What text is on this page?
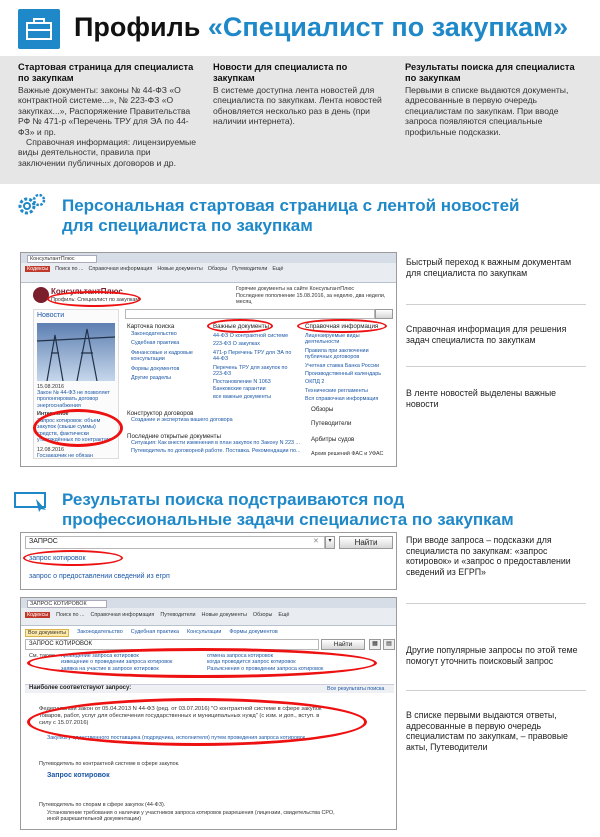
Профиль «Специалист по закупкам»
Стартовая страница для специалиста по закупкам

Важные документы: законы № 44-ФЗ «О контрактной системе...», № 223-ФЗ «О закупках...», Распоряжение Правительства РФ № 471-р «Перечень ТРУ для ЭА по 44-ФЗ» и пр.

Справочная информация: лицензируемые виды деятельности, правила при заключении публичных договоров и др.

Новости для специалиста по закупкам

В системе доступна лента новостей для специалиста по закупкам. Лента новостей обновляется несколько раз в день (при наличии интернета).

Результаты поиска для специалиста по закупкам

Первыми в списке выдаются документы, адресованные в первую очередь специалистам по закупкам. При вводе запроса появляются специальные профильные подсказки.

Персональная стартовая страница с лентой новостей для специалиста по закупкам
КонсультантПлюс
Кодексы	Поиск по ... Справочная информация Новые документы Обзоры Путеводители Ещё
КонсультантПлюс
Профиль: Специалист по закупкам
Горячие документы на сайте КонсультантПлюс
Последнее пополнение 15.08.2016, за неделю, два недели, месяц
Новости
15.08.2016
Закон № 44-ФЗ не позволяет пролонгировать договор энергоснабжения
Интересное
Запрос котировок: объем закупок (свыше суммы) средств, фактически утверждённых по контрактам
12.08.2016
Госзаказчик не обязан
Карточка поиска
Законодательство
Судебная практика
Финансовые и кадровые консультации
Формы документов
Другие разделы
Важные документы
44-ФЗ О контрактной системе
223-ФЗ О закупках
471-р Перечень ТРУ для ЭА по 44-ФЗ
Перечень ТРУ для закупок по 223-ФЗ
Постановление N 1063 Банковские гарантии
все важные документы
Справочная информация
Лицензируемые виды деятельности
Правила при заключении публичных договоров
Учетная ставка Банка России
Производственный календарь
ОКПД 2
Технические регламенты
Вся справочная информация
Конструктор договоров
Создание и экспертиза вашего договора
Обзоры
Путеводители
Последние открытые документы
Ситуация: Как внести изменения в план закупок по Закону N 223 ...
Путеводитель по договорной работе. Поставка. Рекомендации по...
Арбитры судов
Архив решений ФАС и УФАС
Быстрый переход к важным документам для специалиста по закупкам
Справочная информация для решения задач специалиста по закупкам
В ленте новостей выделены важные новости
Результаты поиска подстраиваются под профессиональные задачи специалиста по закупкам
ЗАПРОС	✕	▾	Найти
запрос котировок
запрос о предоставлении сведений из егрп
При вводе запроса – подсказки для специалиста по закупкам: «запрос котировок» и «запрос о предоставлении сведений из ЕГРП»
ЗАПРОС КОТИРОВОК
Кодексы	Поиск по ... Справочная информация Путеводители Новые документы Обзоры Ещё
Все документы	Законодательство Судебная практика Консультации Формы документов
ЗАПРОС КОТИРОВОК	Найти	▦	▤
См. также: проведение запроса котировок
извещение о проведении запроса котировок
заявка на участие в запросе котировок
отмена запроса котировок
когда проводится запрос котировок
Разъяснения о проведении запроса котировок
Наиболее соответствуют запросу:	Все результаты поиска
Федеральный закон от 05.04.2013 N 44-ФЗ (ред. от 03.07.2016) "О контрактной системе в сфере закупок товаров, работ, услуг для обеспечения государственных и муниципальных нужд" (с изм. и доп., вступ. в силу с 15.07.2016)
Закупка у единственного поставщика (подрядчика, исполнителя) путем проведения запроса котировок
Путеводитель по контрактной системе в сфере закупок.
Запрос котировок
Путеводитель по спорам в сфере закупок (44-ФЗ).
Установление требования о наличии у участников запроса котировок разрешения (лицензии, свидетельства СРО, иной разрешительной документации)
Другие популярные запросы по этой теме помогут уточнить поисковый запрос
В списке первыми выдаются ответы, адресованные в первую очередь специалистам по закупкам, – правовые акты, Путеводители
